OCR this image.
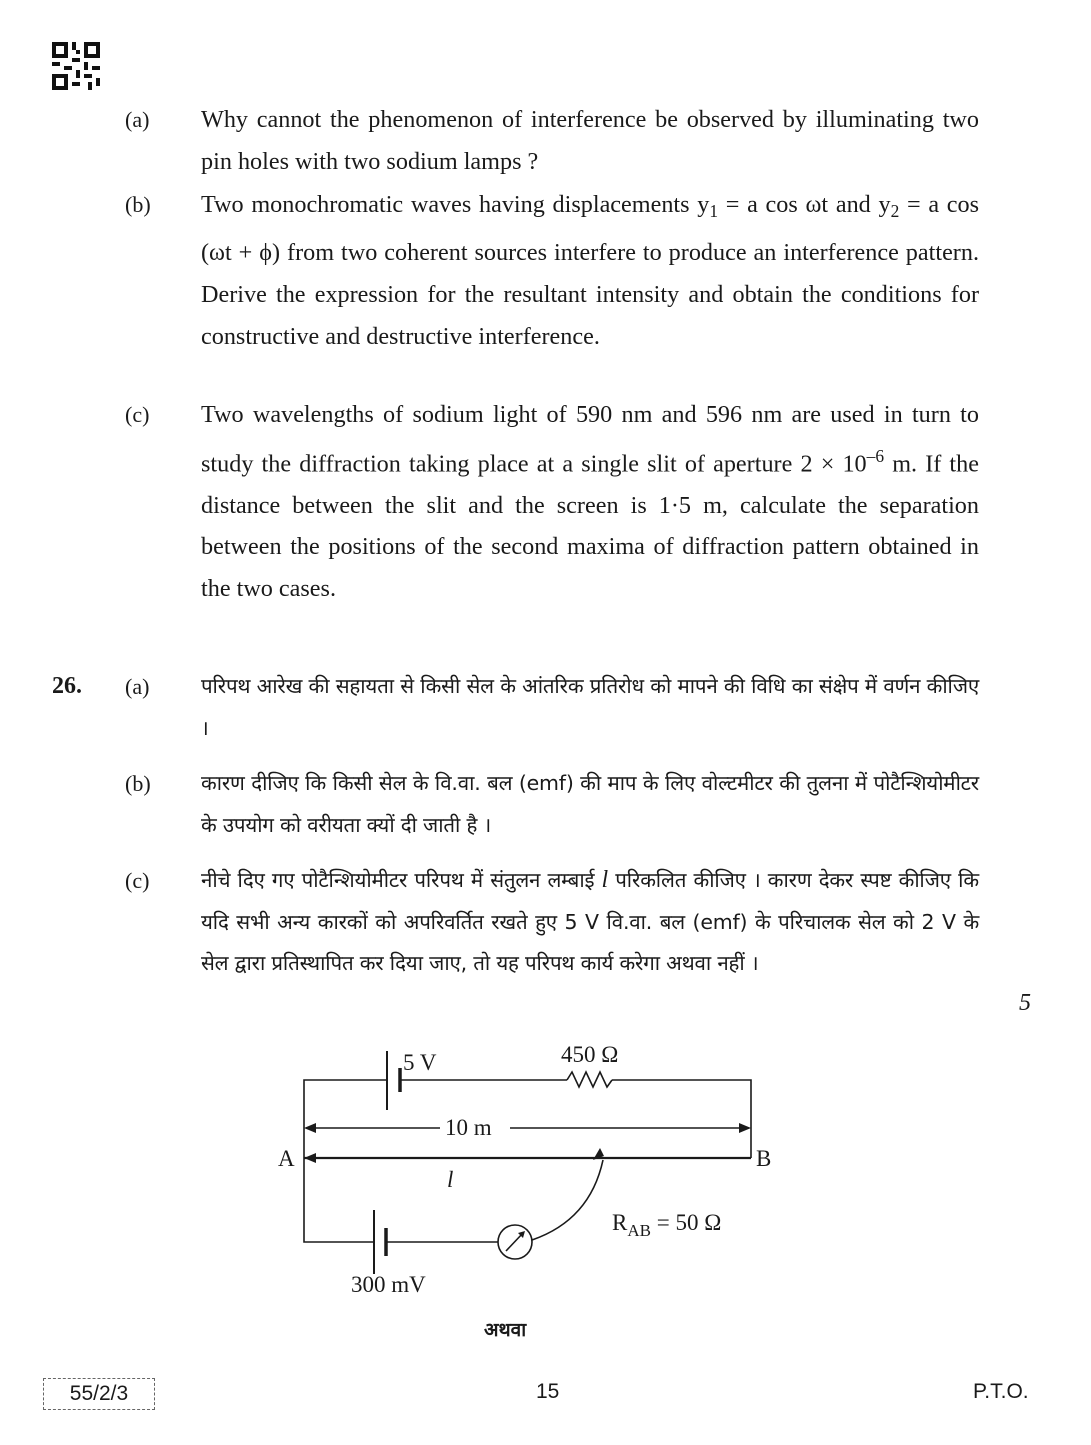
(a) Why cannot the phenomenon of interference be observed by illuminating two pin holes with two sodium lamps ?
(b) Two monochromatic waves having displacements $y_1 = a$ cos ωt and $y_2 = a$ cos (ωt + ϕ) from two coherent sources interfere to produce an interference pattern. Derive the expression for the resultant intensity and obtain the conditions for constructive and destructive interference.
(c) Two wavelengths of sodium light of 590 nm and 596 nm are used in turn to study the diffraction taking place at a single slit of aperture $2 \times 10^{-6}$ m. If the distance between the slit and the screen is 1·5 m, calculate the separation between the positions of the second maxima of diffraction pattern obtained in the two cases.
26. (a)	परिपथ आरेख की सहायता से किसी सेल के आंतरिक प्रतिरोध को मापने की विधि का संक्षेप में वर्णन कीजिए ।
(b) कारण दीजिए कि किसी सेल के वि.वा. बल (emf) की माप के लिए वोल्टमीटर की तुलना में पोटैन्शियोमीटर के उपयोग को वरीयता क्यों दी जाती है ।
(c)	नीचे दिए गए पोटैन्शियोमीटर परिपथ में संतुलन लम्बाई l परिकलित कीजिए । कारण देकर स्पष्ट कीजिए कि यदि सभी अन्य कारकों को अपरिवर्तित रखते हुए 5 V वि.वा. बल (emf) के परिचालक सेल को 2 V के सेल द्वारा प्रतिस्थापित कर दिया जाए, तो यह परिपथ कार्य करेगा अथवा नहीं ।
5
5 V	450 Ω
10 m
A	B
l
$R_{AB} = 50$ Ω
300 mV
अथवा
55/2/3	15	P.T.O.
